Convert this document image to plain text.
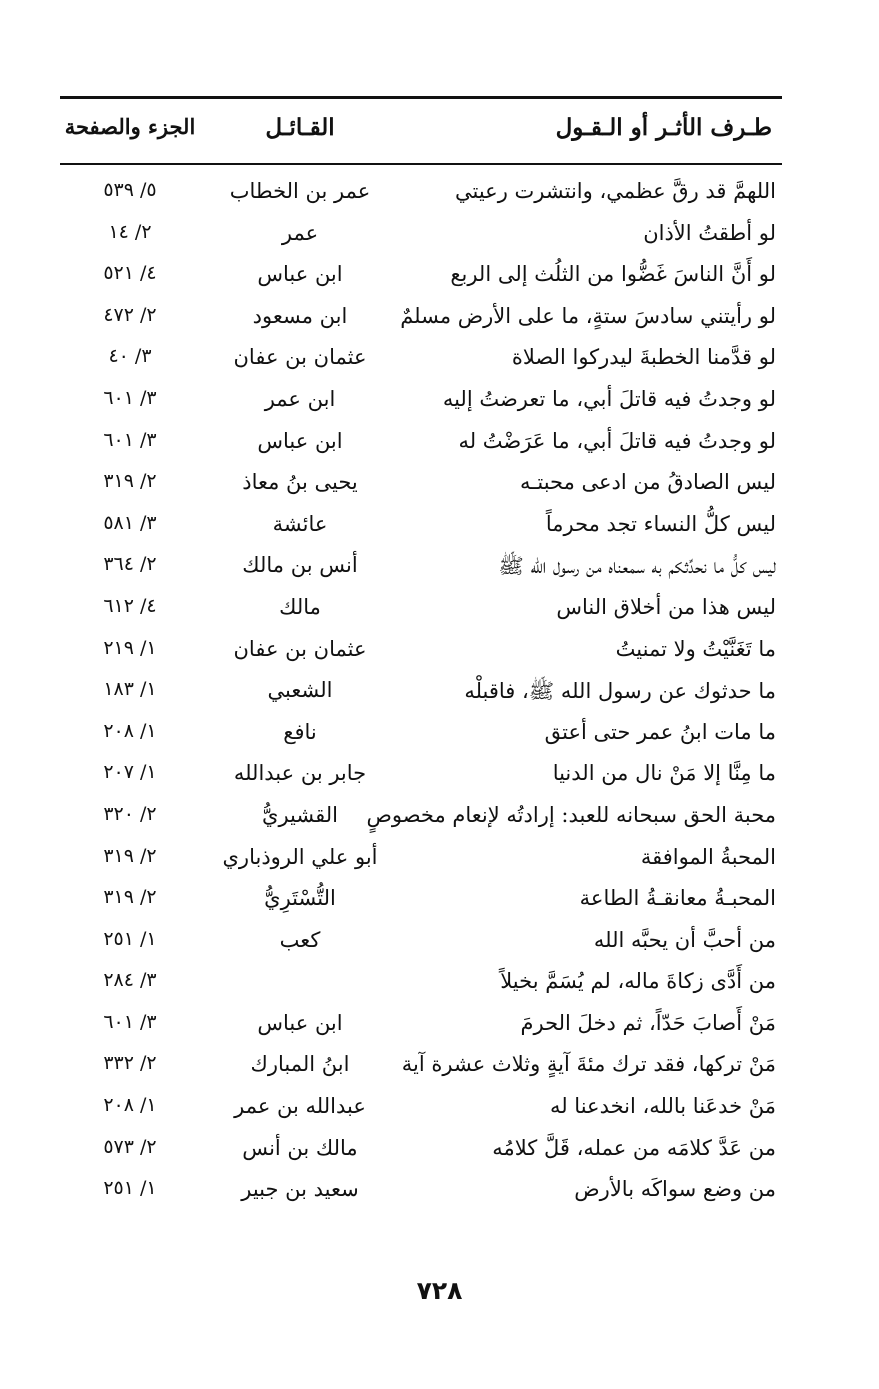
طـرف الأثـر أو الـقـول
القـائـل
الجزء والصفحة
اللهمَّ قد رقَّ عظمي، وانتشرت رعيتي
عمر بن الخطاب
٥/ ٥٣٩
لو أطقتُ الأذان
عمر
٢/ ١٤
لو أَنَّ الناسَ غَضُّوا من الثلُث إلى الربع
ابن عباس
٤/ ٥٢١
لو رأيتني سادسَ ستةٍ، ما على الأرض مسلمٌ
ابن مسعود
٢/ ٤٧٢
لو قدَّمنا الخطبةَ ليدركوا الصلاة
عثمان بن عفان
٣/ ٤٠
لو وجدتُ فيه قاتلَ أبي، ما تعرضتُ إليه
ابن عمر
٣/ ٦٠١
لو وجدتُ فيه قاتلَ أبي، ما عَرَضْتُ له
ابن عباس
٣/ ٦٠١
ليس الصادقُ من ادعى محبتـه
يحيى بنُ معاذ
٢/ ٣١٩
ليس كلُّ النساء تجد محرماً
عائشة
٣/ ٥٨١
ليس كلُّ ما نحدِّثكم به سمعناه من رسول الله ﷺ
أنس بن مالك
٢/ ٣٦٤
ليس هذا من أخلاق الناس
مالك
٤/ ٦١٢
ما تَغَنَّيْتُ ولا تمنيتُ
عثمان بن عفان
١/ ٢١٩
ما حدثوك عن رسول الله ﷺ، فاقبلْه
الشعبي
١/ ١٨٣
ما مات ابنُ عمر حتى أعتق
نافع
١/ ٢٠٨
ما مِنَّا إلا مَنْ نال من الدنيا
جابر بن عبدالله
١/ ٢٠٧
محبة الحق سبحانه للعبد: إرادتُه لإنعام مخصوصٍ
القشيريُّ
٢/ ٣٢٠
المحبةُ الموافقة
أبو علي الروذباري
٢/ ٣١٩
المحبـةُ معانقـةُ الطاعة
التُّسْتَرِيُّ
٢/ ٣١٩
من أحبَّ أن يحبَّه الله
كعب
١/ ٢٥١
من أَدَّى زكاةَ ماله، لم يُسَمَّ بخيلاً
٣/ ٢٨٤
مَنْ أَصابَ حَدّاً، ثم دخلَ الحرمَ
ابن عباس
٣/ ٦٠١
مَنْ تركها، فقد ترك مئةَ آيةٍ وثلاث عشرة آية
ابنُ المبارك
٢/ ٣٣٢
مَنْ خدعَنا بالله، انخدعنا له
عبدالله بن عمر
١/ ٢٠٨
من عَدَّ كلامَه من عمله، قَلَّ كلامُه
مالك بن أنس
٢/ ٥٧٣
من وضع سواكَه بالأرض
سعيد بن جبير
١/ ٢٥١
٧٢٨
